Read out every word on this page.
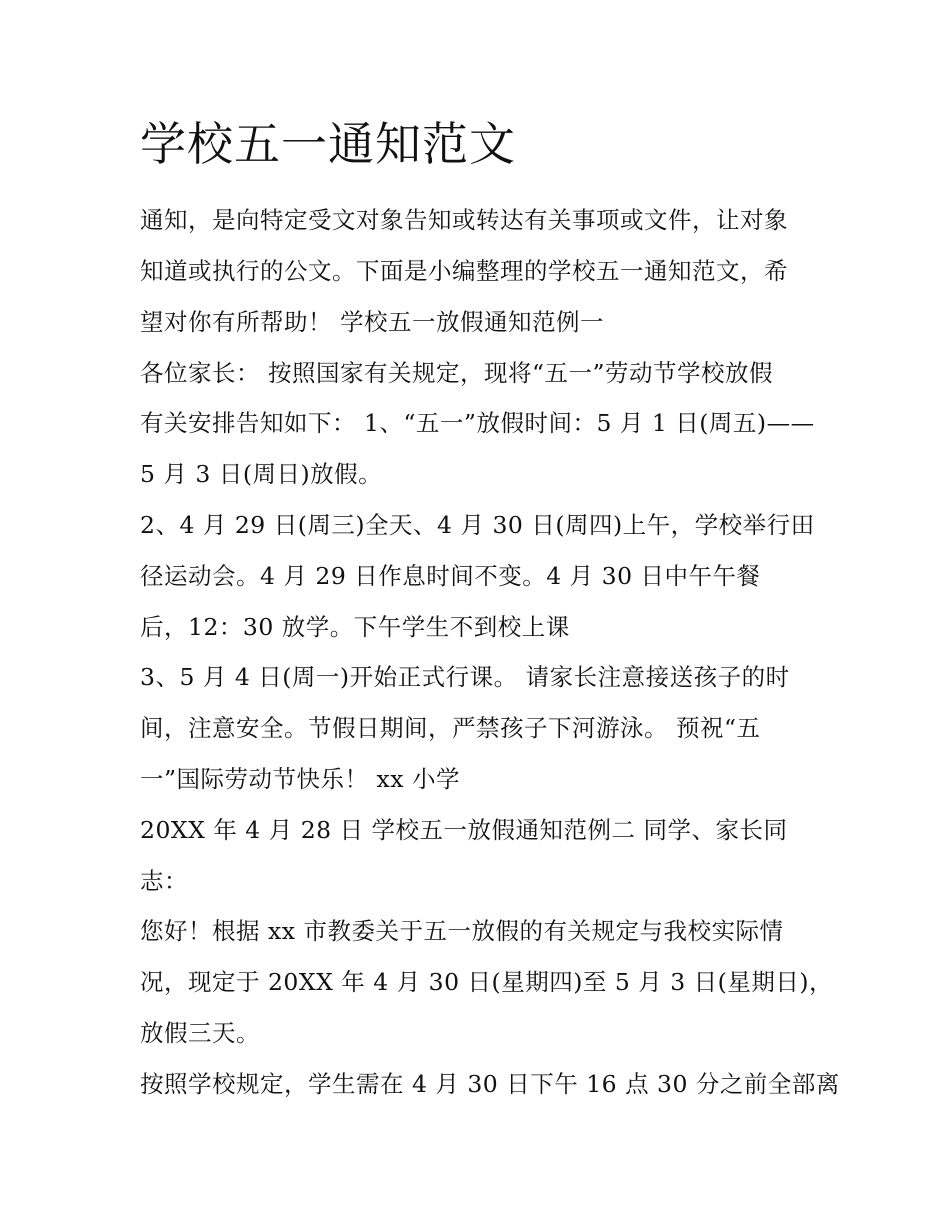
学校五一通知范文
通知，是向特定受文对象告知或转达有关事项或文件，让对象
知道或执行的公文。下面是小编整理的学校五一通知范文，希
望对你有所帮助！ 学校五一放假通知范例一
各位家长： 按照国家有关规定，现将“五一”劳动节学校放假
有关安排告知如下： 1、“五一”放假时间：5 月 1 日(周五)——
5 月 3 日(周日)放假。
2、4 月 29 日(周三)全天、4 月 30 日(周四)上午，学校举行田
径运动会。4 月 29 日作息时间不变。4 月 30 日中午午餐
后，12：30 放学。下午学生不到校上课
3、5 月 4 日(周一)开始正式行课。 请家长注意接送孩子的时
间，注意安全。节假日期间，严禁孩子下河游泳。 预祝“五
一”国际劳动节快乐！ xx 小学
20XX 年 4 月 28 日 学校五一放假通知范例二 同学、家长同
志：
您好！根据 xx 市教委关于五一放假的有关规定与我校实际情
况，现定于 20XX 年 4 月 30 日(星期四)至 5 月 3 日(星期日)，
放假三天。
按照学校规定，学生需在 4 月 30 日下午 16 点 30 分之前全部离
